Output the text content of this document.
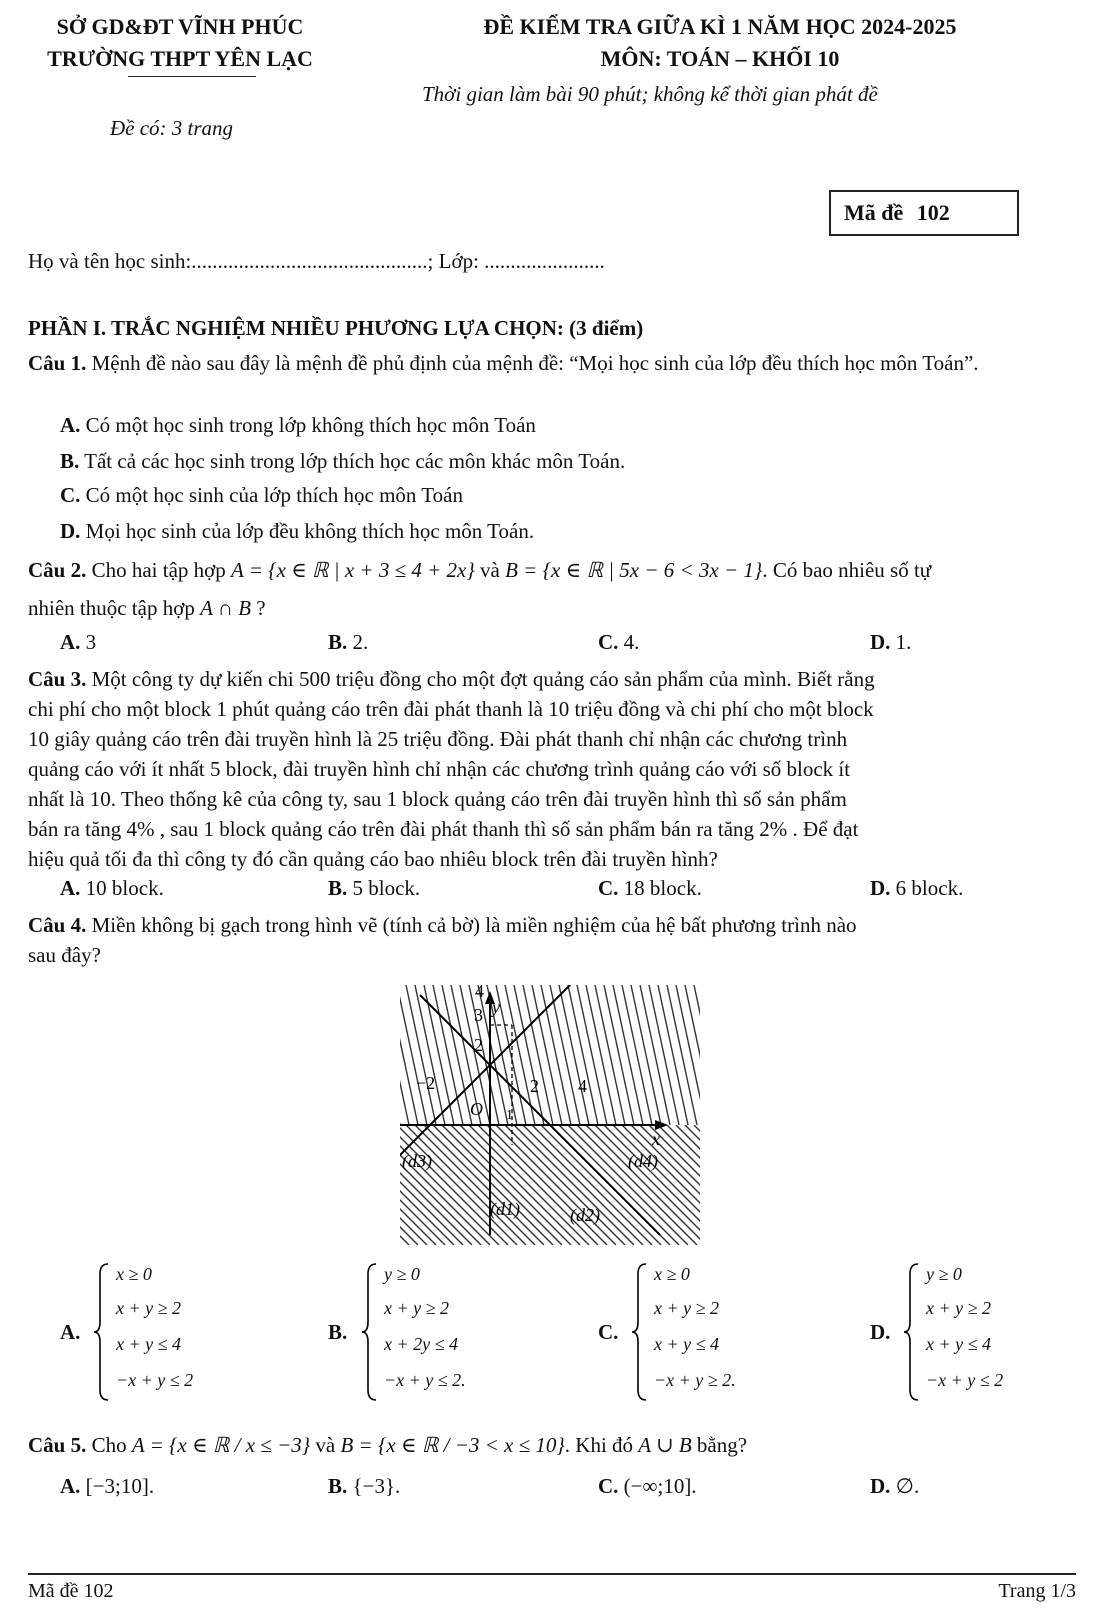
SỞ GD&ĐT VĨNH PHÚC
TRƯỜNG THPT YÊN LẠC
ĐỀ KIỂM TRA GIỮA KÌ 1 NĂM HỌC 2024-2025
MÔN: TOÁN – KHỐI 10
Thời gian làm bài 90 phút; không kể thời gian phát đề
Đề có: 3 trang
Mã đề 102
Họ và tên học sinh:.............................................; Lớp: .......................
PHẦN I. TRẮC NGHIỆM NHIỀU PHƯƠNG LỰA CHỌN: (3 điểm)
Câu 1. Mệnh đề nào sau đây là mệnh đề phủ định của mệnh đề: “Mọi học sinh của lớp đều thích học môn Toán”.
A. Có một học sinh trong lớp không thích học môn Toán
B. Tất cả các học sinh trong lớp thích học các môn khác môn Toán.
C. Có một học sinh của lớp thích học môn Toán
D. Mọi học sinh của lớp đều không thích học môn Toán.
Câu 2. Cho hai tập hợp A = {x ∈ ℝ | x + 3 ≤ 4 + 2x} và B = {x ∈ ℝ | 5x − 6 < 3x − 1}. Có bao nhiêu số tự
nhiên thuộc tập hợp A ∩ B ?
A. 3	B. 2.	C. 4.	D. 1.
Câu 3. Một công ty dự kiến chi 500 triệu đồng cho một đợt quảng cáo sản phẩm của mình. Biết rằng
chi phí cho một block 1 phút quảng cáo trên đài phát thanh là 10 triệu đồng và chi phí cho một block
10 giây quảng cáo trên đài truyền hình là 25 triệu đồng. Đài phát thanh chỉ nhận các chương trình
quảng cáo với ít nhất 5 block, đài truyền hình chỉ nhận các chương trình quảng cáo với số block ít
nhất là 10. Theo thống kê của công ty, sau 1 block quảng cáo trên đài truyền hình thì số sản phẩm
bán ra tăng 4% , sau 1 block quảng cáo trên đài phát thanh thì số sản phẩm bán ra tăng 2% . Để đạt
hiệu quả tối đa thì công ty đó cần quảng cáo bao nhiêu block trên đài truyền hình?
A. 10 block.	B. 5 block.	C. 18 block.	D. 6 block.
Câu 4. Miền không bị gạch trong hình vẽ (tính cả bờ) là miền nghiệm của hệ bất phương trình nào
sau đây?
y
x
O
4
3
2
−2	2 4
1
(d3)	(d4)
(d1)	(d2)
A.
x ≥ 0
x + y ≥ 2
x + y ≤ 4
−x + y ≤ 2
B.
y ≥ 0
x + y ≥ 2
x + 2y ≤ 4
−x + y ≤ 2.
C.
x ≥ 0
x + y ≥ 2
x + y ≤ 4
−x + y ≥ 2.
D.
y ≥ 0
x + y ≥ 2
x + y ≤ 4
−x + y ≤ 2
Câu 5. Cho A = {x ∈ ℝ / x ≤ −3} và B = {x ∈ ℝ / −3 < x ≤ 10}. Khi đó A ∪ B bằng?
A. [−3;10].	B. {−3}.	C. (−∞;10].	D. ∅.
Mã đề 102	Trang 1/3
